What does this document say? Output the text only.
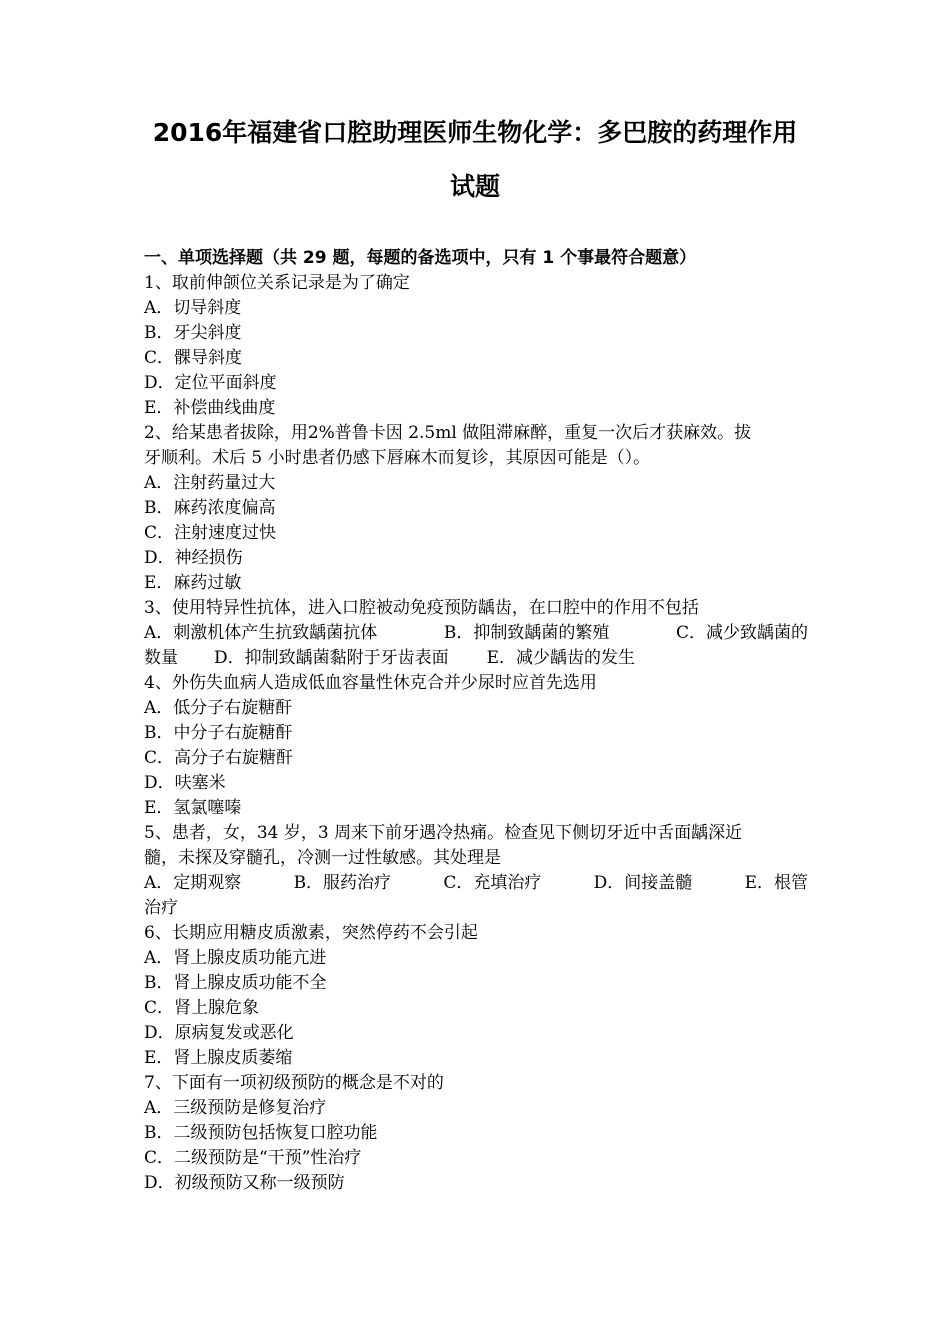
2016年福建省口腔助理医师生物化学：多巴胺的药理作用
试题
一、单项选择题（共 29 题，每题的备选项中，只有 1 个事最符合题意）
1、取前伸颌位关系记录是为了确定
A．切导斜度
B．牙尖斜度
C．髁导斜度
D．定位平面斜度
E．补偿曲线曲度
2、给某患者拔除，用2%普鲁卡因 2.5ml 做阻滞麻醉，重复一次后才获麻效。拔
牙顺利。术后 5 小时患者仍感下唇麻木而复诊，其原因可能是（）。
A．注射药量过大
B．麻药浓度偏高
C．注射速度过快
D．神经损伤
E．麻药过敏
3、使用特异性抗体，进入口腔被动免疫预防龋齿，在口腔中的作用不包括
A．刺激机体产生抗致龋菌抗体	B．抑制致龋菌的繁殖	C．减少致龋菌的
数量 D．抑制致龋菌黏附于牙齿表面 E．减少龋齿的发生
4、外伤失血病人造成低血容量性休克合并少尿时应首先选用
A．低分子右旋糖酐
B．中分子右旋糖酐
C．高分子右旋糖酐
D．呋塞米
E．氢氯噻嗪
5、患者，女，34 岁，3 周来下前牙遇冷热痛。检查见下侧切牙近中舌面龋深近
髓，未探及穿髓孔，冷测一过性敏感。其处理是
A．定期观察	B．服药治疗	C．充填治疗	D．间接盖髓	E．根管
治疗
6、长期应用糖皮质激素，突然停药不会引起
A．肾上腺皮质功能亢进
B．肾上腺皮质功能不全
C．肾上腺危象
D．原病复发或恶化
E．肾上腺皮质萎缩
7、下面有一项初级预防的概念是不对的
A．三级预防是修复治疗
B．二级预防包括恢复口腔功能
C．二级预防是“干预”性治疗
D．初级预防又称一级预防
